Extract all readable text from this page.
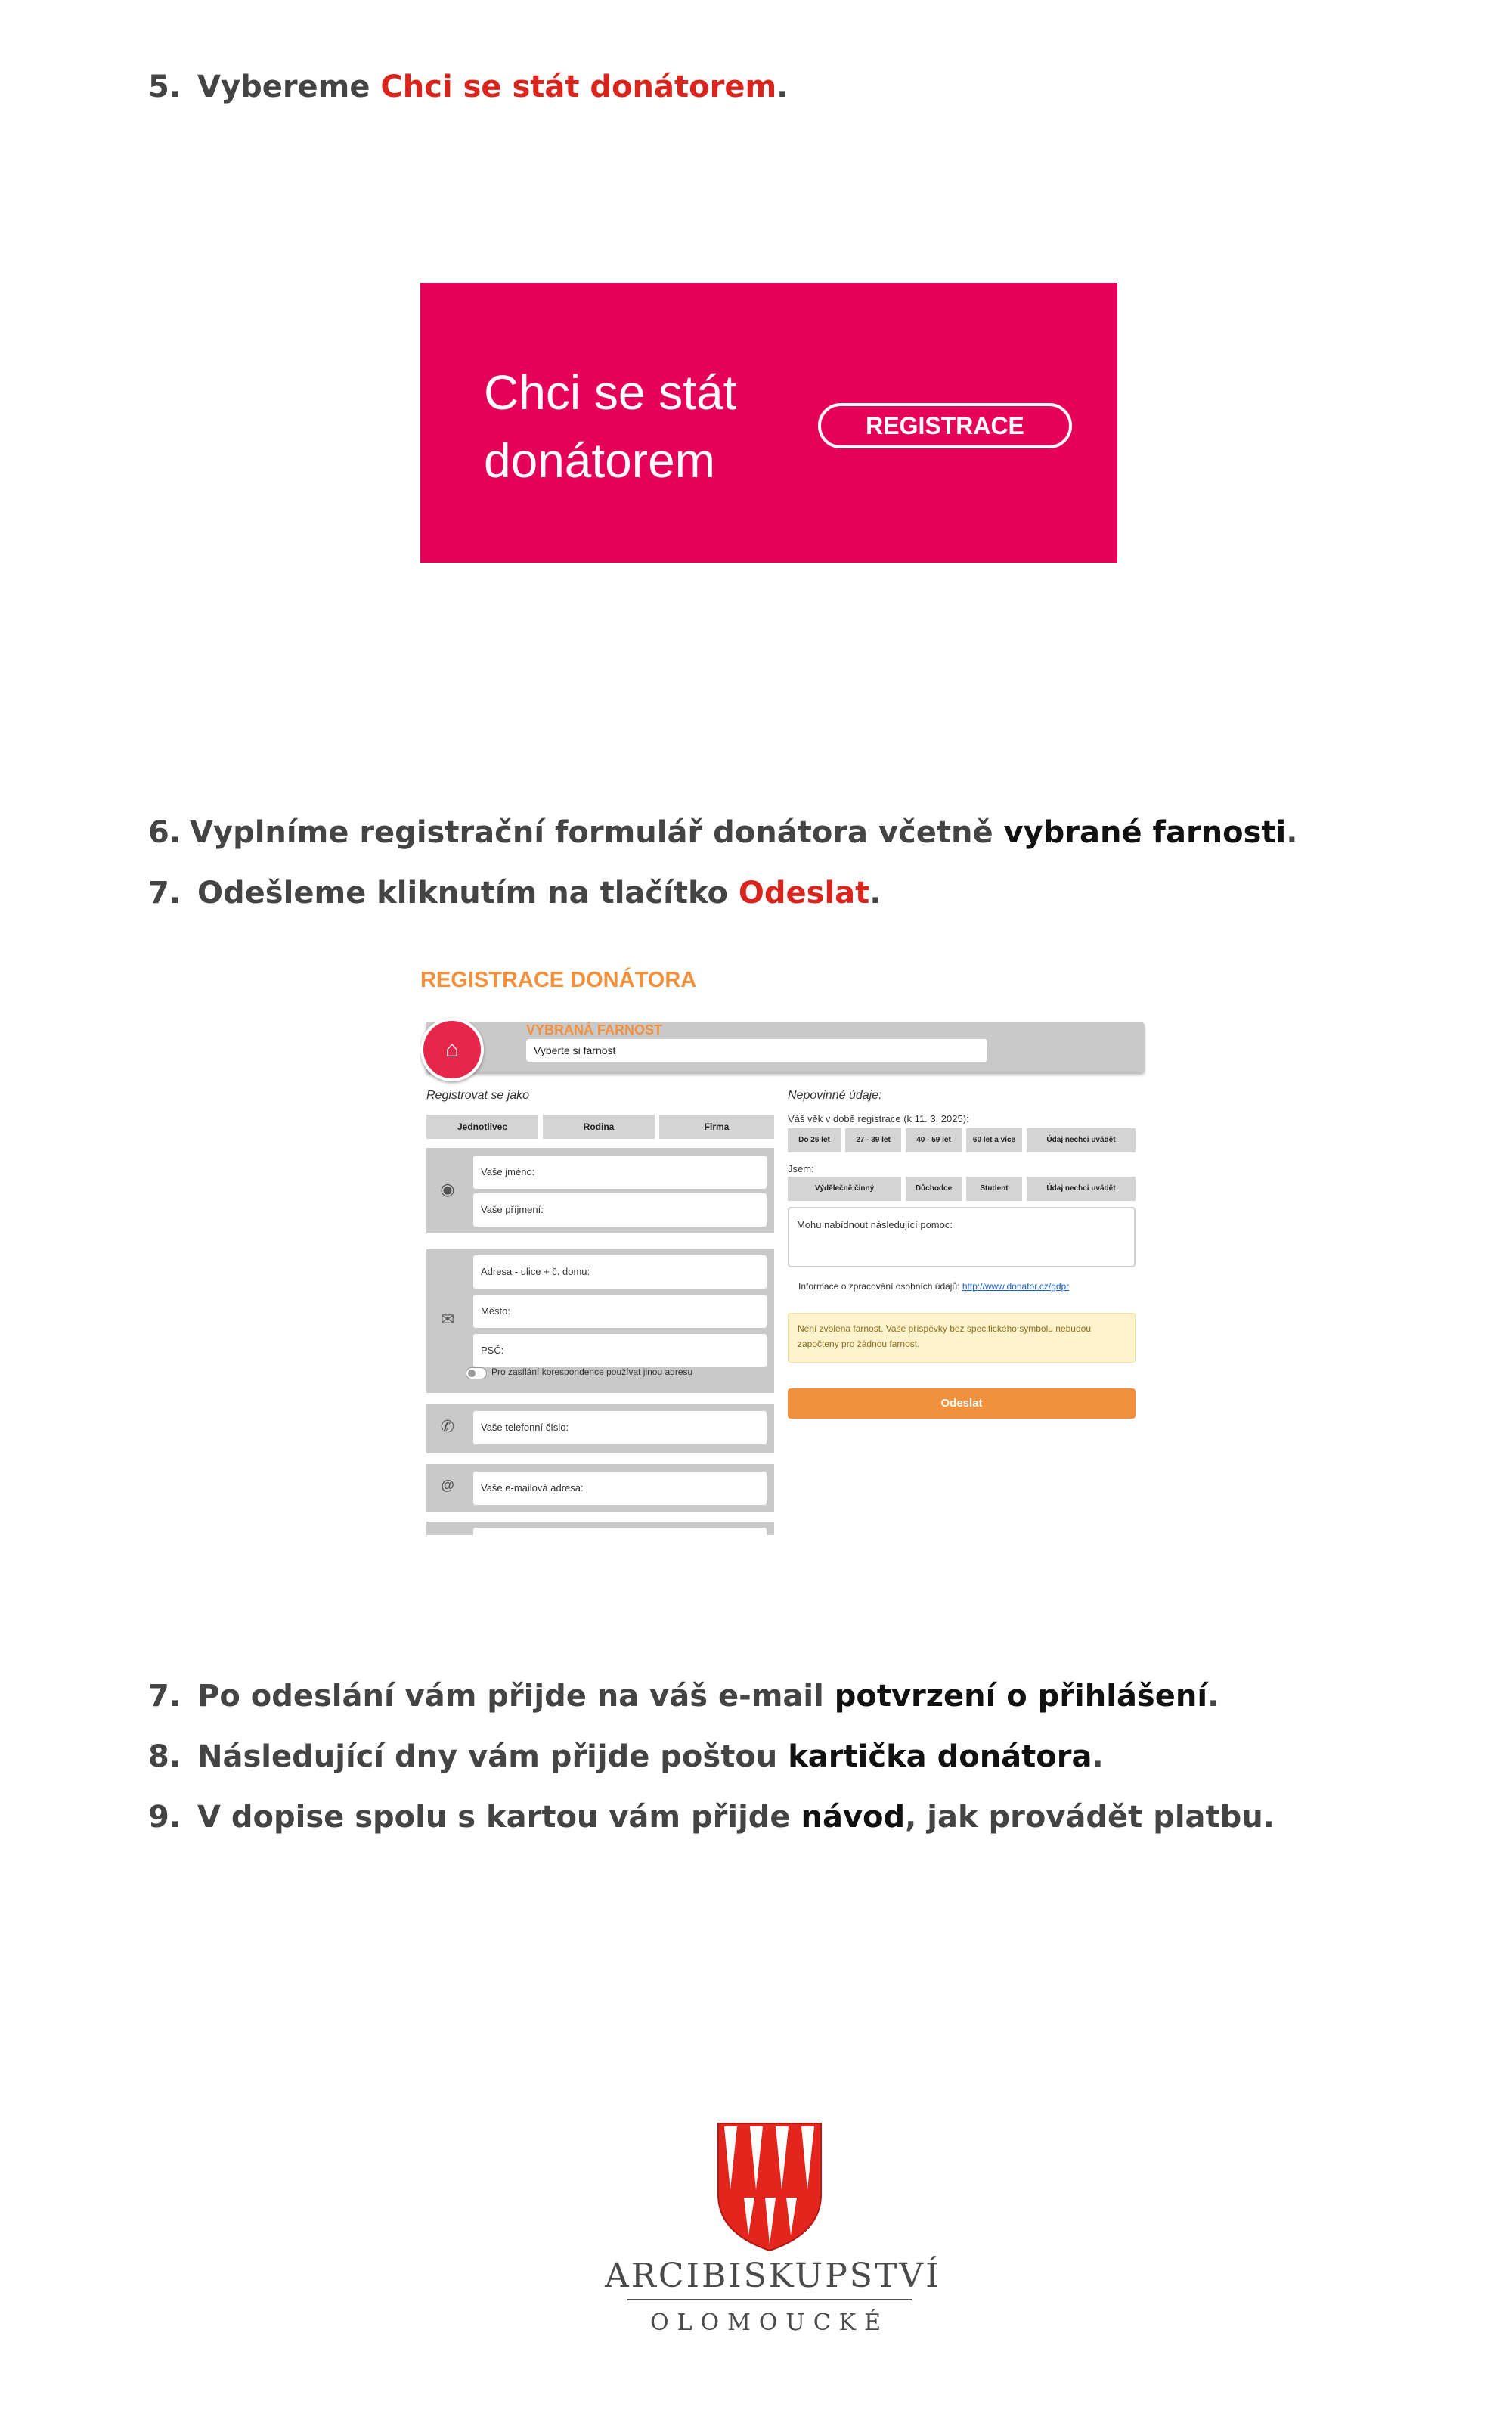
5. Vybereme Chci se stát donátorem.
Chci se stát
donátorem
REGISTRACE
6. Vyplníme registrační formulář donátora včetně vybrané farnosti.
7. Odešleme kliknutím na tlačítko Odeslat.
REGISTRACE DONÁTORA
⌂
VYBRANÁ FARNOST
Vyberte si farnost
Registrovat se jako
Jednotlivec	Rodina	Firma
◉
Vaše jméno:
Vaše příjmení:
✉
Adresa - ulice + č. domu:
Město:
PSČ:
Pro zasílání korespondence používat jinou adresu
✆	Vaše telefonní číslo:
@	Vaše e-mailová adresa:
Nepovinné údaje:
Váš věk v době registrace (k 11. 3. 2025):
Do 26 let	27 - 39 let	40 - 59 let	60 let a více	Údaj nechci uvádět
Jsem:
Výdělečně činný	Důchodce	Student	Údaj nechci uvádět
Mohu nabídnout následující pomoc:
Informace o zpracování osobních údajů: http://www.donator.cz/gdpr
Není zvolena farnost. Vaše příspěvky bez specifického symbolu nebudou započteny pro žádnou farnost.
Odeslat
7. Po odeslání vám přijde na váš e-mail potvrzení o přihlášení.
8. Následující dny vám přijde poštou kartička donátora.
9. V dopise spolu s kartou vám přijde návod, jak provádět platbu.
ARCIBISKUPSTVÍ
OLOMOUCKÉ
